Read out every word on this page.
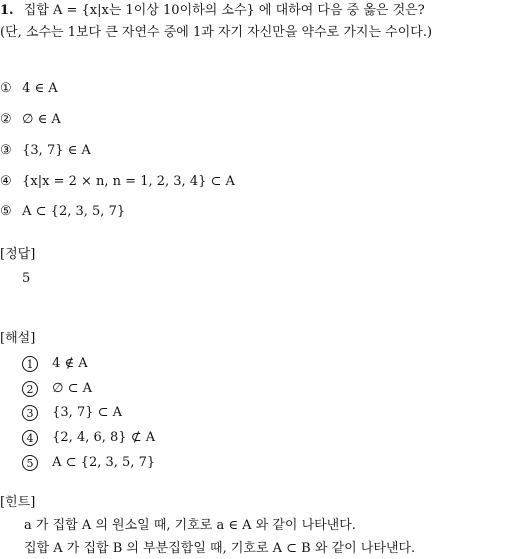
1. 집합 A = {x|x는 1이상 10이하의 소수} 에 대하여 다음 중 옳은 것은?
(단, 소수는 1보다 큰 자연수 중에 1과 자기 자신만을 약수로 가지는 수이다.)
① 4 ∈ A
② ∅ ∈ A
③ {3, 7} ∈ A
④ {x|x = 2 × n, n = 1, 2, 3, 4} ⊂ A
⑤ A ⊂ {2, 3, 5, 7}
[정답]
5
[해설]
1 4 ∉ A
2 ∅ ⊂ A
3 {3, 7} ⊂ A
4 {2, 4, 6, 8} ⊄ A
5 A ⊂ {2, 3, 5, 7}
[힌트]
a 가 집합 A 의 원소일 때, 기호로 a ∈ A 와 같이 나타낸다.
집합 A 가 집합 B 의 부분집합일 때, 기호로 A ⊂ B 와 같이 나타낸다.
